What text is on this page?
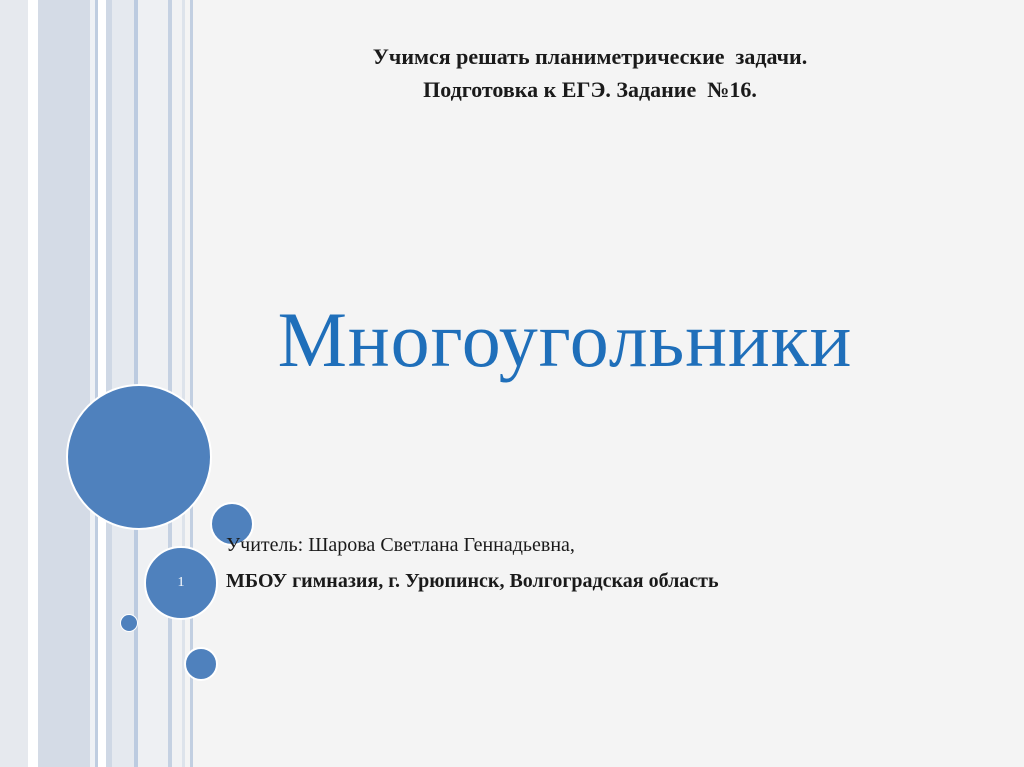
1
Учимся решать планиметрические  задачи.
Подготовка к ЕГЭ. Задание  №16.
Многоугольники
Учитель: Шарова Светлана Геннадьевна,
МБОУ гимназия, г. Урюпинск, Волгоградская область
